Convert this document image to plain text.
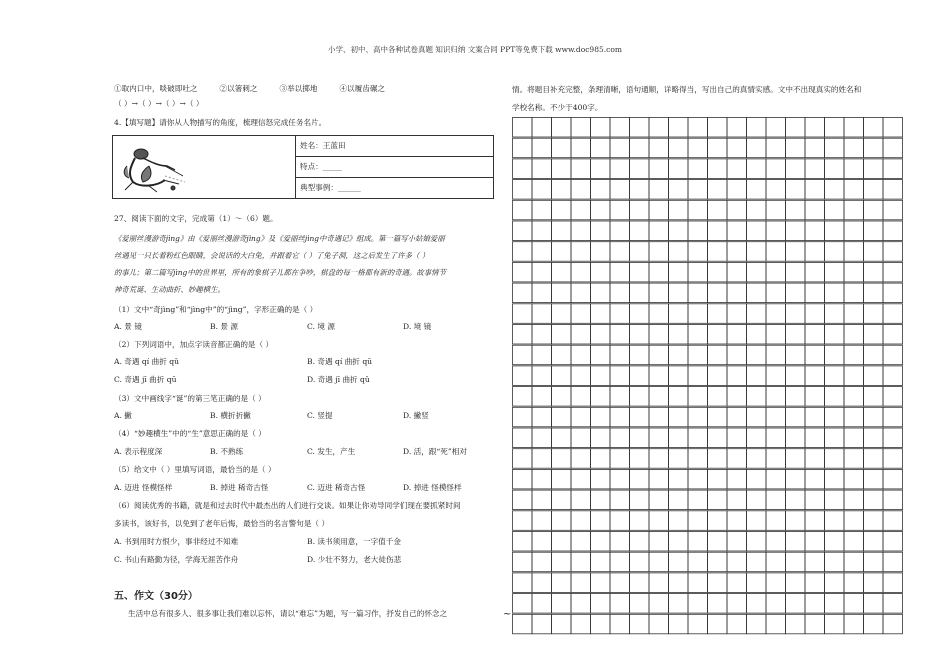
小学、初中、高中各种试卷真题 知识归纳 文案合同 PPT等免费下载 www.doc985.com
①取内口中，啖破即吐之	②以箸刺之	③举以掷地	④以履齿碾之
（ ）→（ ）→（ ）→（ ）
4.【填写题】请你从人物描写的角度，梳理信怒完成任务名片。
姓名：王蓝田
特点：_____
典型事例：______
27、阅读下面的文字，完成第（1）～（6）题。
《爱丽丝漫游奇jìng》由《爱丽丝漫游奇jìng》及《爱丽丝jìng中奇遇记》组成。第一篇写小姑娘爱丽
丝遇见一只长着粉红色眼睛，会说话的大白兔，并跟着它（ ）了兔子洞，这之后发生了许多（ ）
的事儿；第二篇写jìng中的世界里，所有的象棋子儿都在争吵，棋盘的每一格都有新的奇遇。故事情节
神奇荒诞、生动曲折、妙趣横生。
（1）文中“奇jìng”和“jìng中”的“jìng”，字形正确的是（ ）
A. 景 镜	B. 景 源	C. 境 源	D. 境 镜
（2）下列词语中，加点字读音都正确的是（ ）
A. 奇遇 qí 曲折 qǔ	B. 奇遇 qí 曲折 qū
C. 奇遇 jī 曲折 qū	D. 奇遇 jī 曲折 qǔ
（3）文中画线字“诞”的第三笔正确的是（ ）
A. 撇	B. 横折折撇	C. 竖提	D. 撇竖
（4）“妙趣横生”中的“生”意思正确的是（ ）
A. 表示程度深	B. 不熟练	C. 发生，产生	D. 活，跟“死”相对
（5）给文中（ ）里填写词语，最恰当的是（ ）
A. 迈进 怪模怪样	B. 掉进 稀奇古怪	C. 迈进 稀奇古怪	D. 掉进 怪模怪样
（6）阅读优秀的书籍，就是和过去时代中最杰出的人们进行交谈。如果让你劝导同学们现在要抓紧时间
多读书，该好书，以免到了老年后悔，最恰当的名言警句是（ ）
A. 书到用时方恨少，事非经过不知难	B. 读书须用意，一字值千金
C. 书山有路勤为径，学海无涯苦作舟	D. 少壮不努力，老大徒伤悲
五、作文（30分）
生活中总有很多人、很多事让我们难以忘怀，请以“难忘”为题，写一篇习作，抒发自己的怀念之	~
情。将题目补充完整，条理清晰，语句通顺，详略得当，写出自己的真情实感。文中不出现真实的姓名和
学校名称。不少于400字。
